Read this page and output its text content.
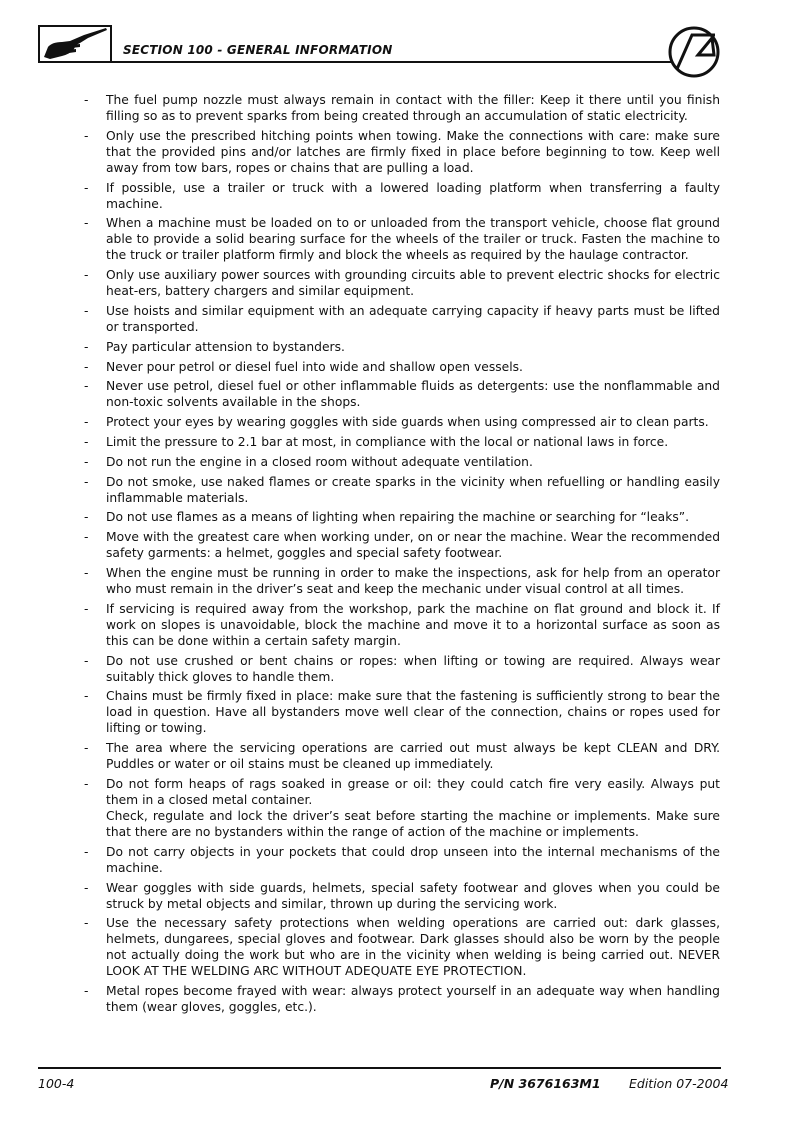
SECTION 100 - GENERAL INFORMATION
- The fuel pump nozzle must always remain in contact with the filler: Keep it there until you finish filling so as to prevent sparks from being created through an accumulation of static electricity.

- Only use the prescribed hitching points when towing. Make the connections with care: make sure that the provided pins and/or latches are firmly fixed in place before beginning to tow. Keep well away from tow bars, ropes or chains that are pulling a load.

- If possible, use a trailer or truck with a lowered loading platform when transferring a faulty machine.

- When a machine must be loaded on to or unloaded from the transport vehicle, choose flat ground able to provide a solid bearing surface for the wheels of the trailer or truck. Fasten the machine to the truck or trailer platform firmly and block the wheels as required by the haulage contractor.

- Only use auxiliary power sources with grounding circuits able to prevent electric shocks for electric heat-ers, battery chargers and similar equipment.

- Use hoists and similar equipment with an adequate carrying capacity if heavy parts must be lifted or transported.

- Pay particular attension to bystanders.

- Never pour petrol or diesel fuel into wide and shallow open vessels.

- Never use petrol, diesel fuel or other inflammable fluids as detergents: use the nonflammable and non-toxic solvents available in the shops.

- Protect your eyes by wearing goggles with side guards when using compressed air to clean parts.

- Limit the pressure to 2.1 bar at most, in compliance with the local or national laws in force.

- Do not run the engine in a closed room without adequate ventilation.

- Do not smoke, use naked flames or create sparks in the vicinity when refuelling or handling easily inflammable materials.

- Do not use flames as a means of lighting when repairing the machine or searching for “leaks”.

- Move with the greatest care when working under, on or near the machine. Wear the recommended safety garments: a helmet, goggles and special safety footwear.

- When the engine must be running in order to make the inspections, ask for help from an operator who must remain in the driver’s seat and keep the mechanic under visual control at all times.

- If servicing is required away from the workshop, park the machine on flat ground and block it. If work on slopes is unavoidable, block the machine and move it to a horizontal surface as soon as this can be done within a certain safety margin.

- Do not use crushed or bent chains or ropes: when lifting or towing are required. Always wear suitably thick gloves to handle them.

- Chains must be firmly fixed in place: make sure that the fastening is sufficiently strong to bear the load in question. Have all bystanders move well clear of the connection, chains or ropes used for lifting or towing.

- The area where the servicing operations are carried out must always be kept CLEAN and DRY. Puddles or water or oil stains must be cleaned up immediately.

- Do not form heaps of rags soaked in grease or oil: they could catch fire very easily. Always put them in a closed metal container.

Check, regulate and lock the driver’s seat before starting the machine or implements. Make sure that there are no bystanders within the range of action of the machine or implements.

- Do not carry objects in your pockets that could drop unseen into the internal mechanisms of the machine.

- Wear goggles with side guards, helmets, special safety footwear and gloves when you could be struck by metal objects and similar, thrown up during the servicing work.

- Use the necessary safety protections when welding operations are carried out: dark glasses, helmets, dungarees, special gloves and footwear. Dark glasses should also be worn by the people not actually doing the work but who are in the vicinity when welding is being carried out. NEVER LOOK AT THE WELDING ARC WITHOUT ADEQUATE EYE PROTECTION.

- Metal ropes become frayed with wear: always protect yourself in an adequate way when handling them (wear gloves, goggles, etc.).

100-4	P/N 3676163M1 Edition 07-2004
